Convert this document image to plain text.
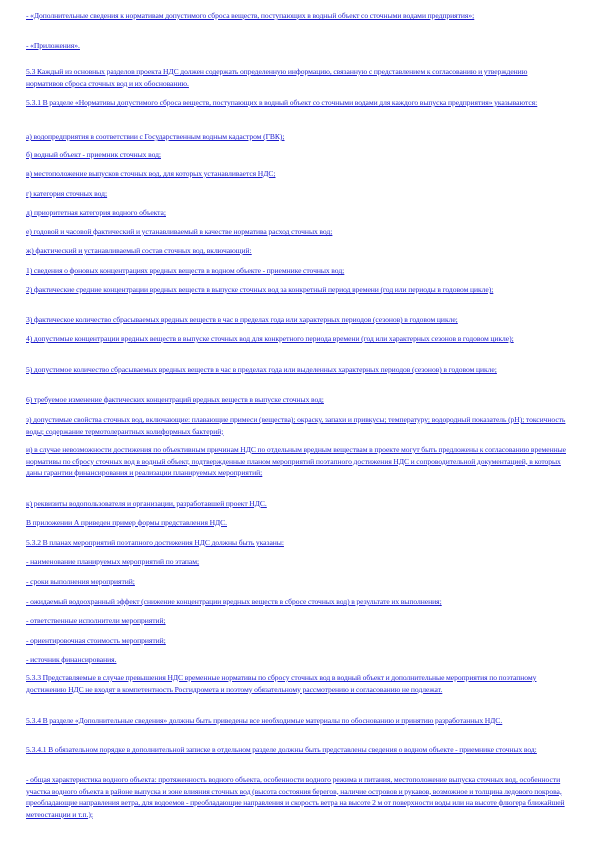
- «Дополнительные сведения к нормативам допустимого сброса веществ, поступающих в водный объект со сточными водами предприятия»;

- «Приложения».

5.3 Каждый из основных разделов проекта НДС должен содержать определенную информацию, связанную с представлением к согласованию и утверждению нормативов сброса сточных вод и их обоснованию.

5.3.1 В разделе «Нормативы допустимого сброса веществ, поступающих в водный объект со сточными водами для каждого выпуска предприятия» указываются:

а) водопредприятия в соответствии с Государственным водным кадастром (ГВК);

б) водный объект - приемник сточных вод;

в) местоположение выпусков сточных вод, для которых устанавливается НДС;

г) категория сточных вод;

д) приоритетная категория водного объекта;

е) годовой и часовой фактический и устанавливаемый в качестве норматива расход сточных вод;

ж) фактический и устанавливаемый состав сточных вод, включающий:

1) сведения о фоновых концентрациях вредных веществ в водном объекте - приемнике сточных вод;

2) фактические средние концентрации вредных веществ в выпуске сточных вод за конкретный период времени (год или периоды в годовом цикле);

3) фактическое количество сбрасываемых вредных веществ в час в пределах года или характерных периодов (сезонов) в годовом цикле;

4) допустимые концентрации вредных веществ в выпуске сточных вод для конкретного периода времени (год или характерных сезонов в годовом цикле);

5) допустимое количество сбрасываемых вредных веществ в час в пределах года или выделенных характерных периодов (сезонов) в годовом цикле;

6) требуемое изменение фактических концентраций вредных веществ в выпуске сточных вод;

з) допустимые свойства сточных вод, включающие: плавающие примеси (вещества); окраску, запахи и привкусы; температуру; водородный показатель (pH); токсичность воды; содержание термотолерантных колиформных бактерий;

и) в случае невозможности достижения по объективным причинам НДС по отдельным вредным веществам в проекте могут быть предложены к согласованию временные нормативы по сбросу сточных вод в водный объект, подтвержденные планом мероприятий поэтапного достижения НДС и сопроводительной документацией, в которых даны гарантии финансирования и реализации планируемых мероприятий;

к) реквизиты водопользователя и организации, разработавшей проект НДС.

В приложении А приведен пример формы представления НДС.

5.3.2 В планах мероприятий поэтапного достижения НДС должны быть указаны:

- наименование планируемых мероприятий по этапам;

- сроки выполнения мероприятий;

- ожидаемый водоохранный эффект (снижение концентрации вредных веществ в сбросе сточных вод) в результате их выполнения;

- ответственные исполнители мероприятий;

- ориентировочная стоимость мероприятий;

- источник финансирования.

5.3.3 Представляемые в случае превышения НДС временные нормативы по сбросу сточных вод в водный объект и дополнительные мероприятия по поэтапному достижению НДС не входят в компетентность Росгидромета и поэтому обязательному рассмотрению и согласованию не подлежат.

5.3.4 В разделе «Дополнительные сведения» должны быть приведены все необходимые материалы по обоснованию и принятию разработанных НДС.

5.3.4.1 В обязательном порядке в дополнительной записке в отдельном разделе должны быть представлены сведения о водном объекте - приемнике сточных вод:

- общая характеристика водного объекта: протяженность водного объекта, особенности водного режима и питания, местоположение выпуска сточных вод, особенности участка водного объекта в районе выпуска и зоне влияния сточных вод (высота состояния берегов, наличие островов и рукавов, возможное и толщина ледового покрова, преобладающие направления ветра, для водоемов - преобладающие направления и скорость ветра на высоте 2 м от поверхности воды или на высоте флюгера ближайшей метеостанции и т.п.);
